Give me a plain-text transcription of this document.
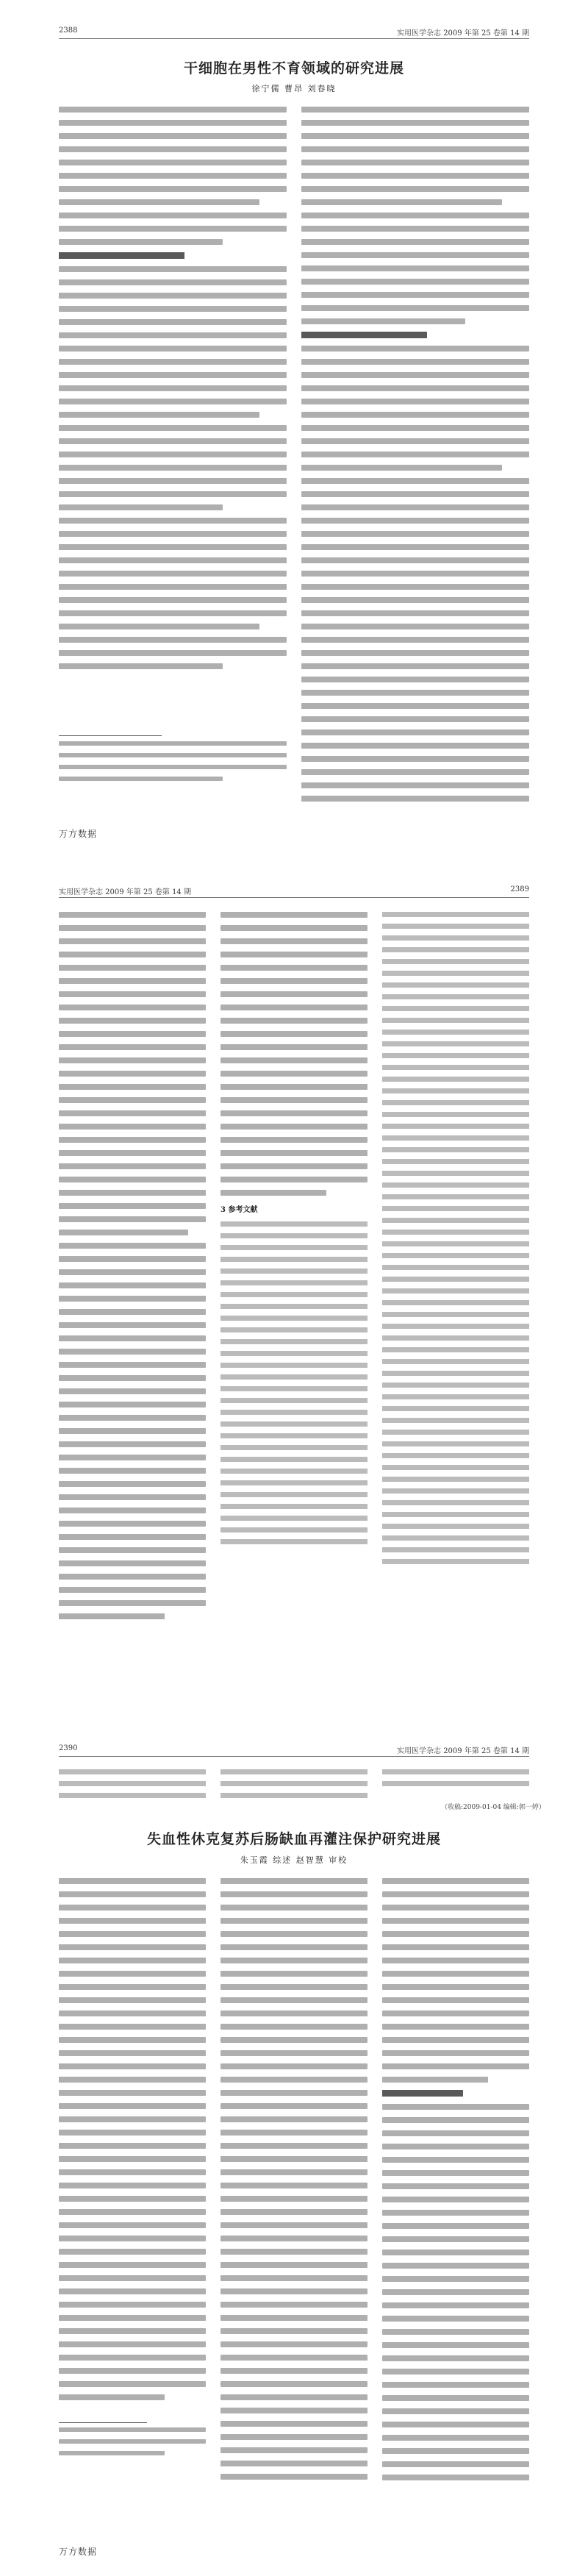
2388	实用医学杂志 2009 年第 25 卷第 14 期
干细胞在男性不育领域的研究进展
徐宁儒 曹昂 刘春晓
万方数据
实用医学杂志 2009 年第 25 卷第 14 期	2389
3 参考文献
2390	实用医学杂志 2009 年第 25 卷第 14 期
（收稿:2009-01-04 编辑:郭一婷）
失血性休克复苏后肠缺血再灌注保护研究进展
朱玉霞 综述 赵智慧 审校
万方数据
